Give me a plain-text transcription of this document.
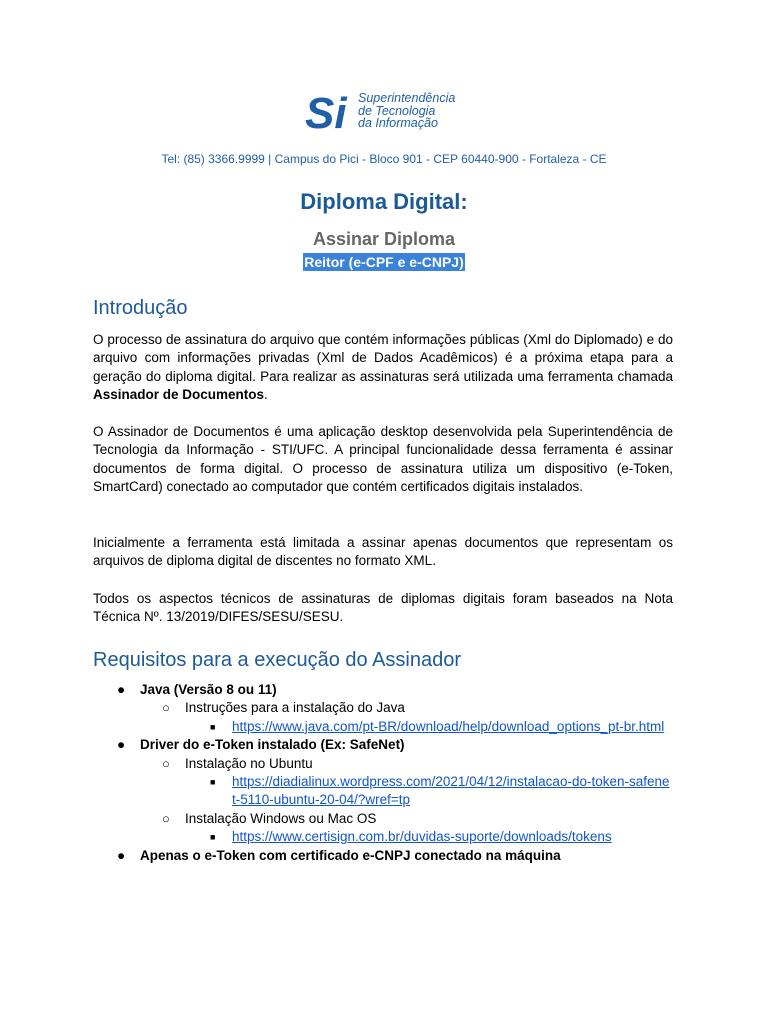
Si Superintendência
de Tecnologia
da Informação
Tel: (85) 3366.9999 | Campus do Pici - Bloco 901 - CEP 60440-900 - Fortaleza - CE
Diploma Digital:
Assinar Diploma
Reitor (e-CPF e e-CNPJ)
Introdução

O processo de assinatura do arquivo que contém informações públicas (Xml do Diplomado) e do arquivo com informações privadas (Xml de Dados Acadêmicos) é a próxima etapa para a geração do diploma digital. Para realizar as assinaturas será utilizada uma ferramenta chamada Assinador de Documentos.

O Assinador de Documentos é uma aplicação desktop desenvolvida pela Superintendência de Tecnologia da Informação - STI/UFC. A principal funcionalidade dessa ferramenta é assinar documentos de forma digital. O processo de assinatura utiliza um dispositivo (e-Token, SmartCard) conectado ao computador que contém certificados digitais instalados.

Inicialmente a ferramenta está limitada a assinar apenas documentos que representam os arquivos de diploma digital de discentes no formato XML.

Todos os aspectos técnicos de assinaturas de diplomas digitais foram baseados na Nota Técnica Nº. 13/2019/DIFES/SESU/SESU.

Requisitos para a execução do Assinador
● Java (Versão 8 ou 11)
○ Instruções para a instalação do Java
■ https://www.java.com/pt-BR/download/help/download_options_pt-br.html
● Driver do e-Token instalado (Ex: SafeNet)
○ Instalação no Ubuntu
■ https://diadialinux.wordpress.com/2021/04/12/instalacao-do-token-safenet-5110-ubuntu-20-04/?wref=tp
○ Instalação Windows ou Mac OS
■ https://www.certisign.com.br/duvidas-suporte/downloads/tokens
● Apenas o e-Token com certificado e-CNPJ conectado na máquina
